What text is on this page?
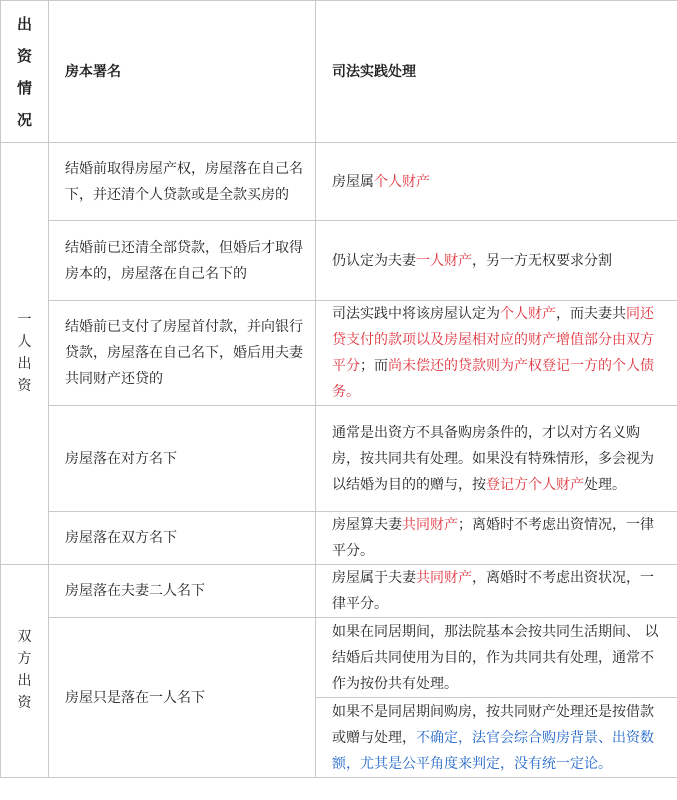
出资情况	房本署名	司法实践处理
一人出资	结婚前取得房屋产权，房屋落在自己名下，并还清个人贷款或是全款买房的	房屋属个人财产
	结婚前已还清全部贷款，但婚后才取得房本的，房屋落在自己名下的	仍认定为夫妻一人财产，另一方无权要求分割
	结婚前已支付了房屋首付款，并向银行贷款，房屋落在自己名下，婚后用夫妻共同财产还贷的	司法实践中将该房屋认定为个人财产，而夫妻共同还贷支付的款项以及房屋相对应的财产增值部分由双方平分；而尚未偿还的贷款则为产权登记一方的个人债务。
	房屋落在对方名下	通常是出资方不具备购房条件的，才以对方名义购房，按共同共有处理。如果没有特殊情形，多会视为以结婚为目的的赠与，按登记方个人财产处理。
	房屋落在双方名下	房屋算夫妻共同财产；离婚时不考虑出资情况，一律平分。
双方出资	房屋落在夫妻二人名下	房屋属于夫妻共同财产，离婚时不考虑出资状况，一律平分。
	房屋只是落在一人名下	如果在同居期间，那法院基本会按共同生活期间、 以结婚后共同使用为目的，作为共同共有处理，通常不作为按份共有处理。
		如果不是同居期间购房，按共同财产处理还是按借款或赠与处理，不确定，法官会综合购房背景、出资数额，尤其是公平角度来判定，没有统一定论。
